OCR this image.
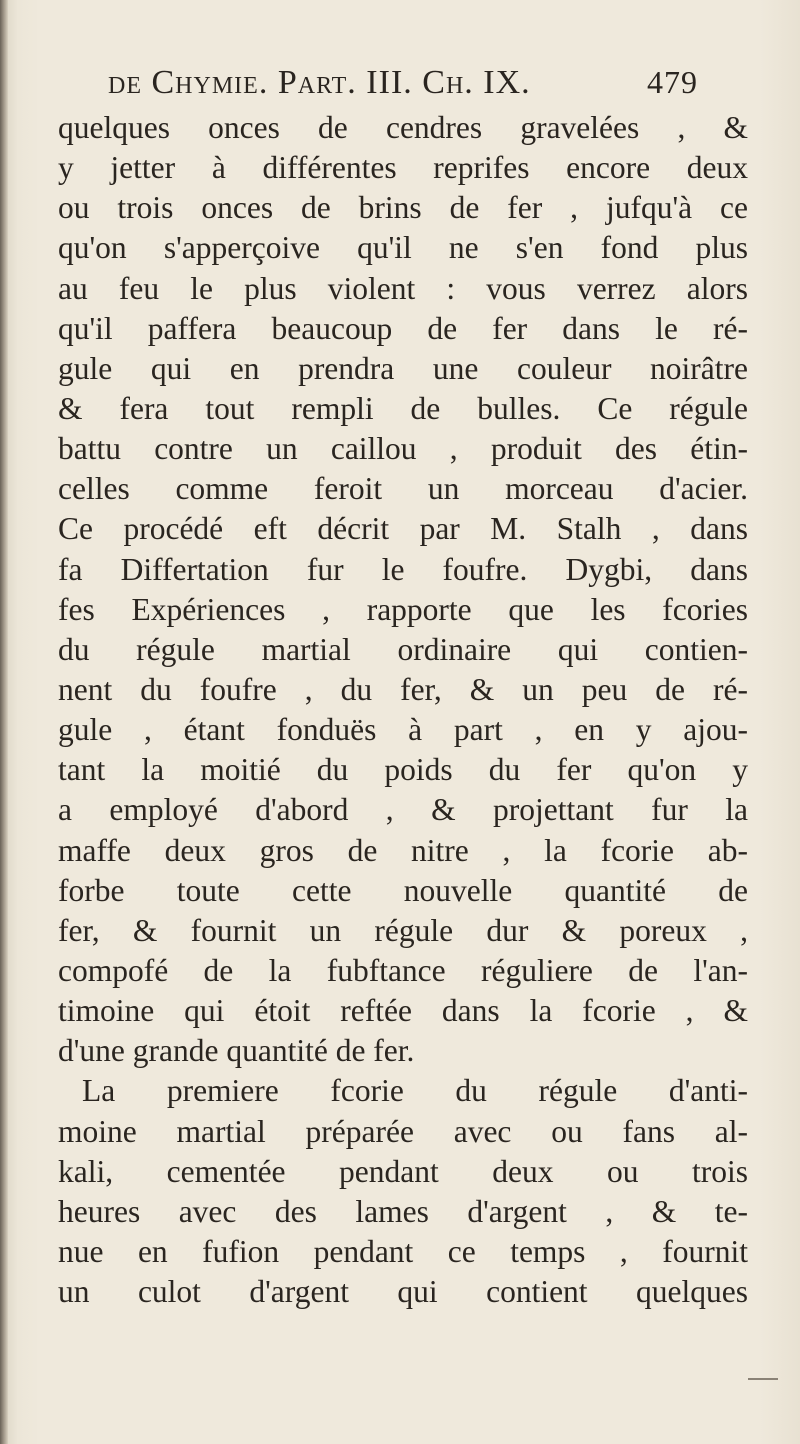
de Chymie. Part. III. Ch. IX.	479
quelques onces de cendres gravelées , &
y jetter à différentes reprifes encore deux
ou trois onces de brins de fer , jufqu'à ce
qu'on s'apperçoive qu'il ne s'en fond plus
au feu le plus violent : vous verrez alors
qu'il paffera beaucoup de fer dans le ré-
gule qui en prendra une couleur noirâtre
& fera tout rempli de bulles. Ce régule
battu contre un caillou , produit des étin-
celles comme feroit un morceau d'acier.
Ce procédé eft décrit par M. Stalh , dans
fa Differtation fur le foufre. Dygbi, dans
fes Expériences , rapporte que les fcories
du régule martial ordinaire qui contien-
nent du foufre , du fer, & un peu de ré-
gule , étant fonduës à part , en y ajou-
tant la moitié du poids du fer qu'on y
a employé d'abord , & projettant fur la
maffe deux gros de nitre , la fcorie ab-
forbe toute cette nouvelle quantité de
fer, & fournit un régule dur & poreux ,
compofé de la fubftance réguliere de l'an-
timoine qui étoit reftée dans la fcorie , &
d'une grande quantité de fer.
La premiere fcorie du régule d'anti-
moine martial préparée avec ou fans al-
kali, cementée pendant deux ou trois
heures avec des lames d'argent , & te-
nue en fufion pendant ce temps , fournit
un culot d'argent qui contient quelques
